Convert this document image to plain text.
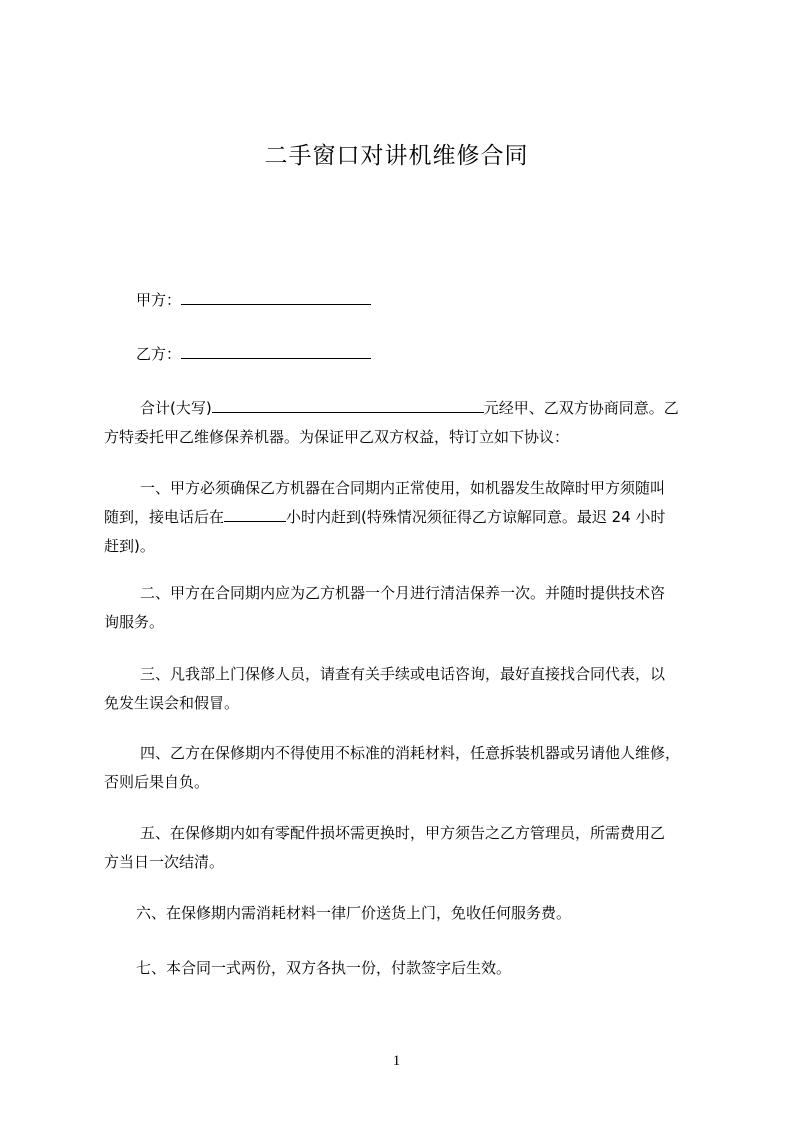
二手窗口对讲机维修合同
甲方：
乙方：
合计(大写)	元经甲、乙双方协商同意。乙
方特委托甲乙维修保养机器。为保证甲乙双方权益，特订立如下协议：
一、甲方必须确保乙方机器在合同期内正常使用，如机器发生故障时甲方须随叫
随到，接电话后在	小时内赶到(特殊情况须征得乙方谅解同意。最迟 24 小时
赶到)。
二、甲方在合同期内应为乙方机器一个月进行清洁保养一次。并随时提供技术咨
询服务。
三、凡我部上门保修人员，请查有关手续或电话咨询，最好直接找合同代表，以
免发生误会和假冒。
四、乙方在保修期内不得使用不标准的消耗材料，任意拆装机器或另请他人维修，
否则后果自负。
五、在保修期内如有零配件损坏需更换时，甲方须告之乙方管理员，所需费用乙
方当日一次结清。
六、在保修期内需消耗材料一律厂价送货上门，免收任何服务费。
七、本合同一式两份，双方各执一份，付款签字后生效。
1
